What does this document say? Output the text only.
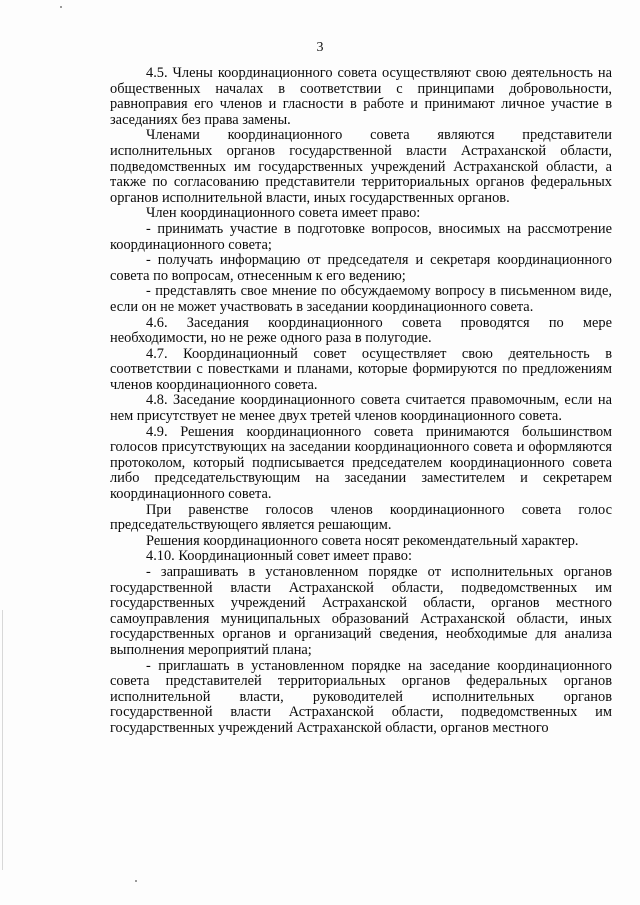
3

4.5. Члены координационного совета осуществляют свою деятельность на общественных началах в соответствии с принципами добровольности, равноправия его членов и гласности в работе и принимают личное участие в заседаниях без права замены.

Членами координационного совета являются представители исполнительных органов государственной власти Астраханской области, подведомственных им государственных учреждений Астраханской области, а также по согласованию представители территориальных органов федеральных органов исполнительной власти, иных государственных органов.

Член координационного совета имеет право:

- принимать участие в подготовке вопросов, вносимых на рассмотрение координационного совета;

- получать информацию от председателя и секретаря координационного совета по вопросам, отнесенным к его ведению;

- представлять свое мнение по обсуждаемому вопросу в письменном виде, если он не может участвовать в заседании координационного совета.

4.6. Заседания координационного совета проводятся по мере необходимости, но не реже одного раза в полугодие.

4.7. Координационный совет осуществляет свою деятельность в соответствии с повестками и планами, которые формируются по предложениям членов координационного совета.

4.8. Заседание координационного совета считается правомочным, если на нем присутствует не менее двух третей членов координационного совета.

4.9. Решения координационного совета принимаются большинством голосов присутствующих на заседании координационного совета и оформляются протоколом, который подписывается председателем координационного совета либо председательствующим на заседании заместителем и секретарем координационного совета.

При равенстве голосов членов координационного совета голос председательствующего является решающим.

Решения координационного совета носят рекомендательный характер.

4.10. Координационный совет имеет право:

- запрашивать в установленном порядке от исполнительных органов государственной власти Астраханской области, подведомственных им государственных учреждений Астраханской области, органов местного самоуправления муниципальных образований Астраханской области, иных государственных органов и организаций сведения, необходимые для анализа выполнения мероприятий плана;

- приглашать в установленном порядке на заседание координационного совета представителей территориальных органов федеральных органов исполнительной власти, руководителей исполнительных органов государственной власти Астраханской области, подведомственных им государственных учреждений Астраханской области, органов местного
